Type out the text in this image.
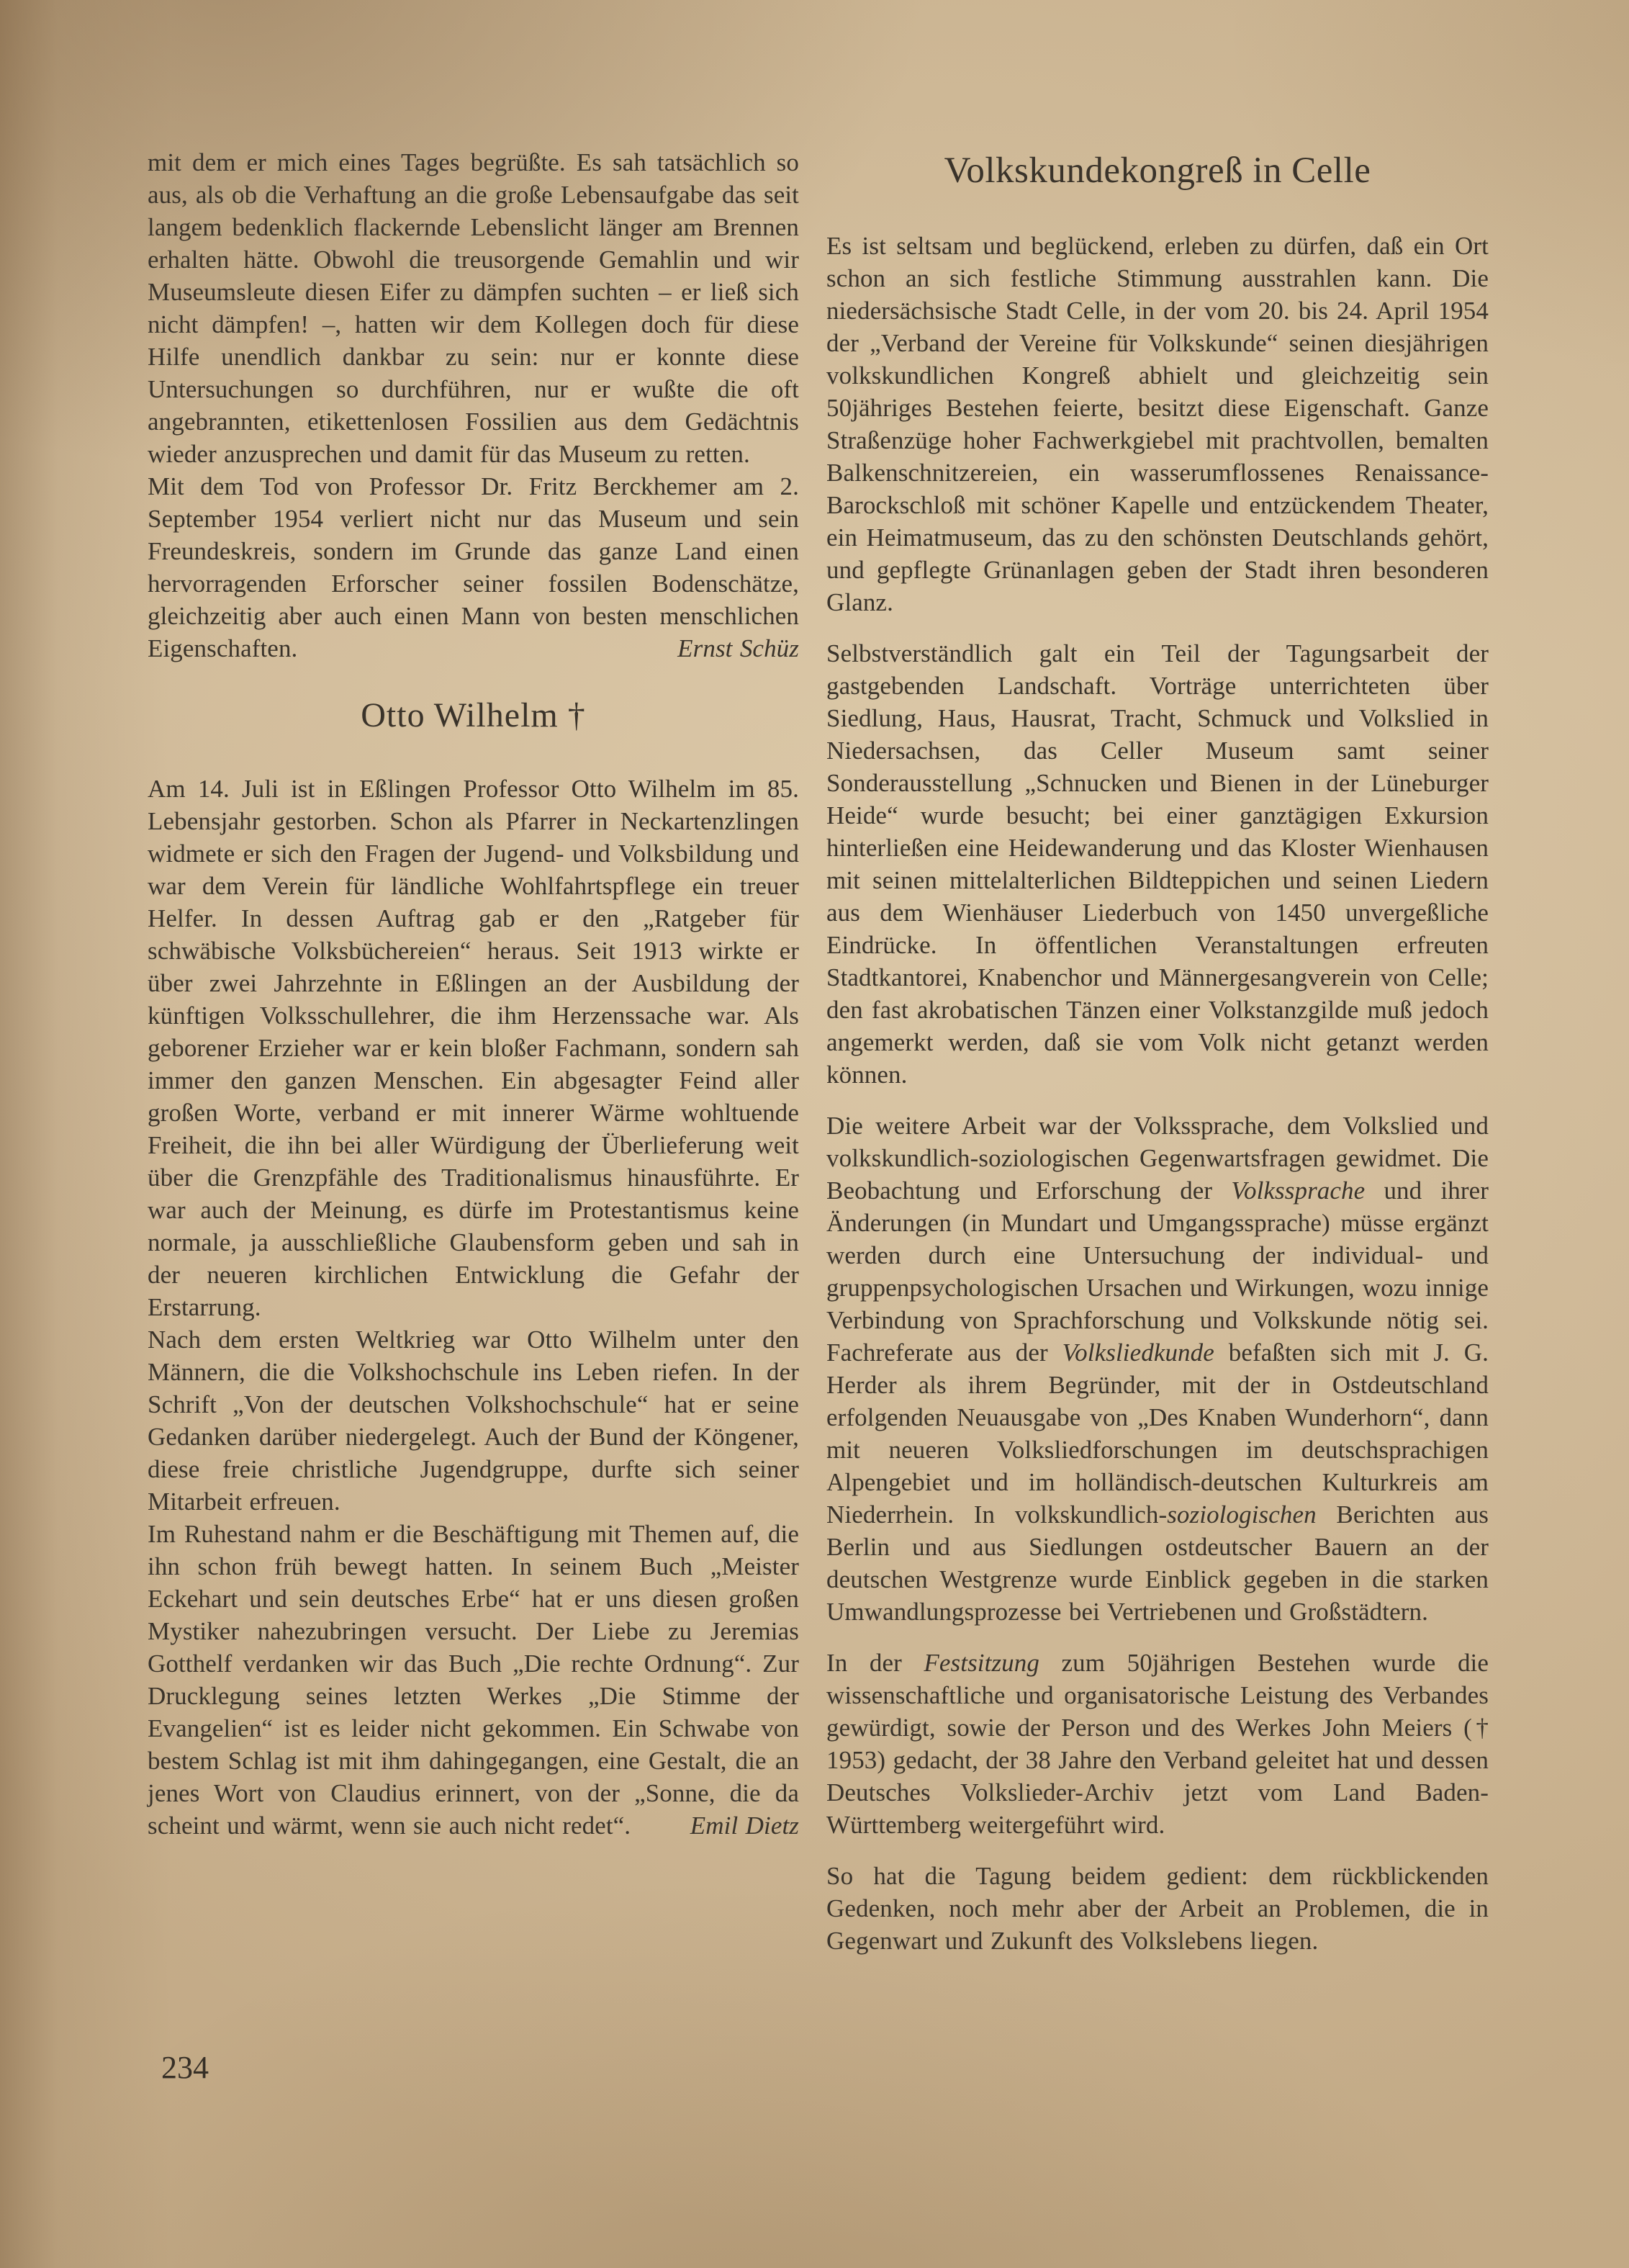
mit dem er mich eines Tages begrüßte. Es sah tatsächlich so aus, als ob die Verhaftung an die große Lebensaufgabe das seit langem bedenklich flackernde Lebenslicht länger am Brennen erhalten hätte. Obwohl die treusorgende Gemahlin und wir Museumsleute diesen Eifer zu dämpfen suchten – er ließ sich nicht dämpfen! –, hatten wir dem Kollegen doch für diese Hilfe unendlich dankbar zu sein: nur er konnte diese Untersuchungen so durchführen, nur er wußte die oft angebrannten, etikettenlosen Fossilien aus dem Gedächtnis wieder anzusprechen und damit für das Museum zu retten.

Mit dem Tod von Professor Dr. Fritz Berckhemer am 2. September 1954 verliert nicht nur das Museum und sein Freundeskreis, sondern im Grunde das ganze Land einen hervorragenden Erforscher seiner fossilen Bodenschätze, gleichzeitig aber auch einen Mann von besten menschlichen Eigenschaften.	Ernst Schüz

Otto Wilhelm †

Am 14. Juli ist in Eßlingen Professor Otto Wilhelm im 85. Lebensjahr gestorben. Schon als Pfarrer in Neckartenzlingen widmete er sich den Fragen der Jugend- und Volksbildung und war dem Verein für ländliche Wohlfahrtspflege ein treuer Helfer. In dessen Auftrag gab er den „Ratgeber für schwäbische Volksbüchereien“ heraus. Seit 1913 wirkte er über zwei Jahrzehnte in Eßlingen an der Ausbildung der künftigen Volksschullehrer, die ihm Herzenssache war. Als geborener Erzieher war er kein bloßer Fachmann, sondern sah immer den ganzen Menschen. Ein abgesagter Feind aller großen Worte, verband er mit innerer Wärme wohltuende Freiheit, die ihn bei aller Würdigung der Überlieferung weit über die Grenzpfähle des Traditionalismus hinausführte. Er war auch der Meinung, es dürfe im Protestantismus keine normale, ja ausschließliche Glaubensform geben und sah in der neueren kirchlichen Entwicklung die Gefahr der Erstarrung.

Nach dem ersten Weltkrieg war Otto Wilhelm unter den Männern, die die Volkshochschule ins Leben riefen. In der Schrift „Von der deutschen Volkshochschule“ hat er seine Gedanken darüber niedergelegt. Auch der Bund der Köngener, diese freie christliche Jugendgruppe, durfte sich seiner Mitarbeit erfreuen.

Im Ruhestand nahm er die Beschäftigung mit Themen auf, die ihn schon früh bewegt hatten. In seinem Buch „Meister Eckehart und sein deutsches Erbe“ hat er uns diesen großen Mystiker nahezubringen versucht. Der Liebe zu Jeremias Gotthelf verdanken wir das Buch „Die rechte Ordnung“. Zur Drucklegung seines letzten Werkes „Die Stimme der Evangelien“ ist es leider nicht gekommen. Ein Schwabe von bestem Schlag ist mit ihm dahingegangen, eine Gestalt, die an jenes Wort von Claudius erinnert, von der „Sonne, die da scheint und wärmt, wenn sie auch nicht redet“.	Emil Dietz

Volkskundekongreß in Celle

Es ist seltsam und beglückend, erleben zu dürfen, daß ein Ort schon an sich festliche Stimmung ausstrahlen kann. Die niedersächsische Stadt Celle, in der vom 20. bis 24. April 1954 der „Verband der Vereine für Volkskunde“ seinen diesjährigen volkskundlichen Kongreß abhielt und gleichzeitig sein 50jähriges Bestehen feierte, besitzt diese Eigenschaft. Ganze Straßenzüge hoher Fachwerkgiebel mit prachtvollen, bemalten Balkenschnitzereien, ein wasserumflossenes Renaissance-Barockschloß mit schöner Kapelle und entzückendem Theater, ein Heimatmuseum, das zu den schönsten Deutschlands gehört, und gepflegte Grünanlagen geben der Stadt ihren besonderen Glanz.

Selbstverständlich galt ein Teil der Tagungsarbeit der gastgebenden Landschaft. Vorträge unterrichteten über Siedlung, Haus, Hausrat, Tracht, Schmuck und Volkslied in Niedersachsen, das Celler Museum samt seiner Sonderausstellung „Schnucken und Bienen in der Lüneburger Heide“ wurde besucht; bei einer ganztägigen Exkursion hinterließen eine Heidewanderung und das Kloster Wienhausen mit seinen mittelalterlichen Bildteppichen und seinen Liedern aus dem Wienhäuser Liederbuch von 1450 unvergeßliche Eindrücke. In öffentlichen Veranstaltungen erfreuten Stadtkantorei, Knabenchor und Männergesangverein von Celle; den fast akrobatischen Tänzen einer Volkstanzgilde muß jedoch angemerkt werden, daß sie vom Volk nicht getanzt werden können.

Die weitere Arbeit war der Volkssprache, dem Volkslied und volkskundlich-soziologischen Gegenwartsfragen gewidmet. Die Beobachtung und Erforschung der Volkssprache und ihrer Änderungen (in Mundart und Umgangssprache) müsse ergänzt werden durch eine Untersuchung der individual- und gruppenpsychologischen Ursachen und Wirkungen, wozu innige Verbindung von Sprachforschung und Volkskunde nötig sei. Fachreferate aus der Volksliedkunde befaßten sich mit J. G. Herder als ihrem Begründer, mit der in Ostdeutschland erfolgenden Neuausgabe von „Des Knaben Wunderhorn“, dann mit neueren Volksliedforschungen im deutschsprachigen Alpengebiet und im holländisch-deutschen Kulturkreis am Niederrhein. In volkskundlich-soziologischen Berichten aus Berlin und aus Siedlungen ostdeutscher Bauern an der deutschen Westgrenze wurde Einblick gegeben in die starken Umwandlungsprozesse bei Vertriebenen und Großstädtern.

In der Festsitzung zum 50jährigen Bestehen wurde die wissenschaftliche und organisatorische Leistung des Verbandes gewürdigt, sowie der Person und des Werkes John Meiers († 1953) gedacht, der 38 Jahre den Verband geleitet hat und dessen Deutsches Volkslieder-Archiv jetzt vom Land Baden-Württemberg weitergeführt wird.

So hat die Tagung beidem gedient: dem rückblickenden Gedenken, noch mehr aber der Arbeit an Problemen, die in Gegenwart und Zukunft des Volkslebens liegen.

234
